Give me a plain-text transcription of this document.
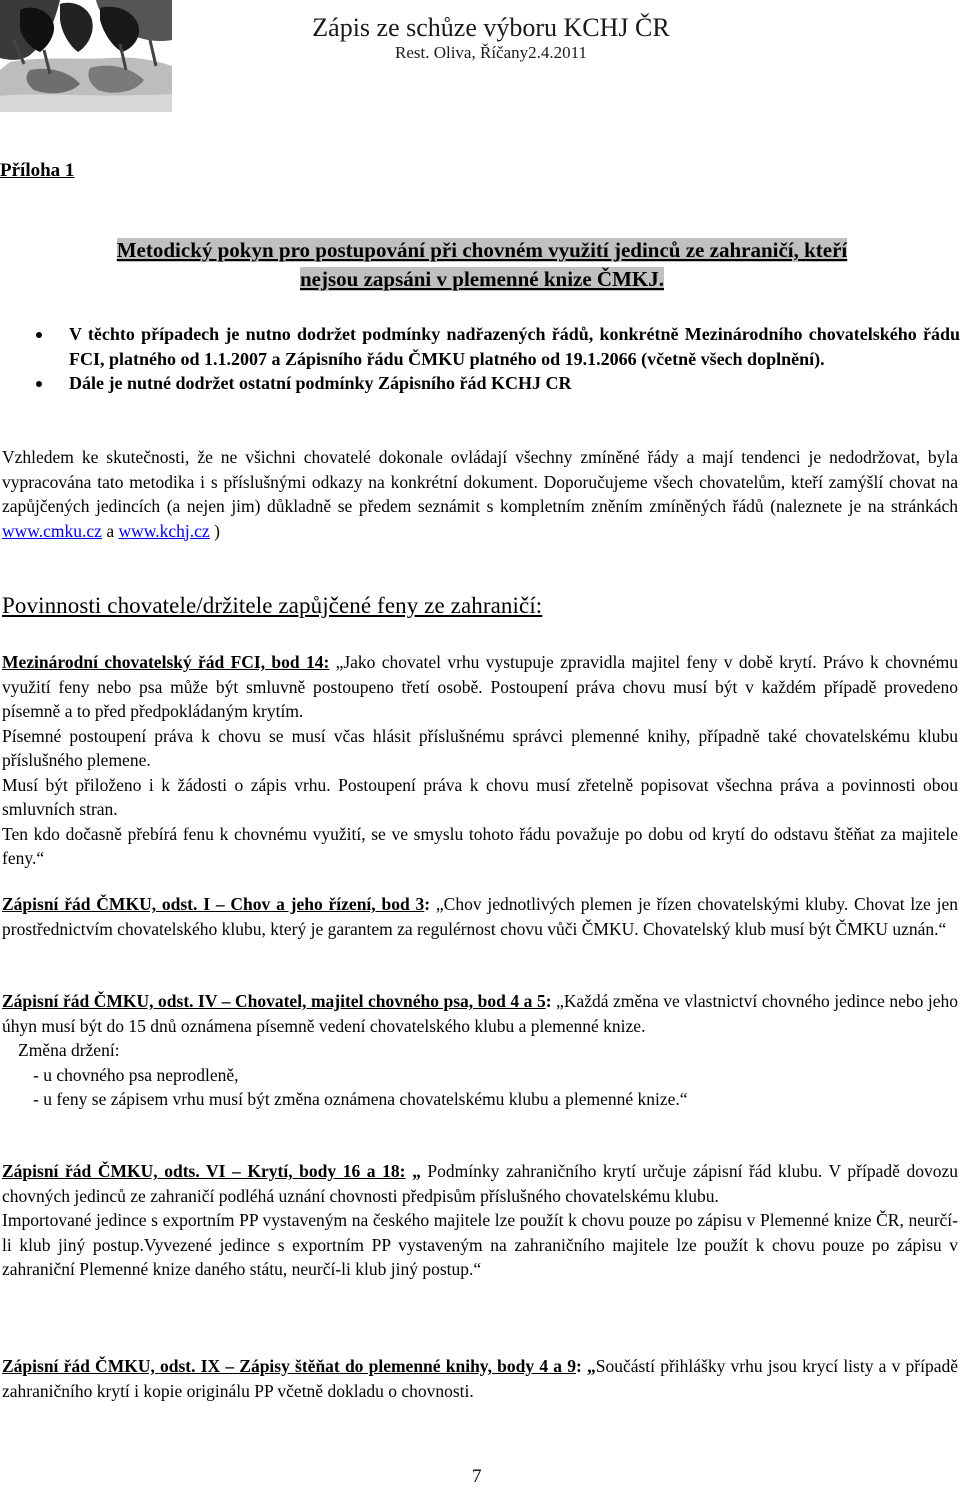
Zápis ze schůze výboru KCHJ ČR
Rest. Oliva, Říčany2.4.2011
Příloha 1
Metodický pokyn pro postupování při chovném využití jedinců ze zahraničí, kteří
nejsou zapsáni v plemenné knize ČMKJ.
V těchto případech je nutno dodržet podmínky nadřazených řádů, konkrétně Mezinárodního chovatelského řádu FCI, platného od 1.1.2007 a Zápisního řádu ČMKU platného od 19.1.2066 (včetně všech doplnění).
Dále je nutné dodržet ostatní podmínky Zápisního řád KCHJ CR

Vzhledem ke skutečnosti, že ne všichni chovatelé dokonale ovládají všechny zmíněné řády a mají tendenci je nedodržovat, byla vypracována tato metodika i s příslušnými odkazy na konkrétní dokument. Doporučujeme všech chovatelům, kteří zamýšlí chovat na zapůjčených jedincích (a nejen jim) důkladně se předem seznámit s kompletním zněním zmíněných řádů (naleznete je na stránkách www.cmku.cz a www.kchj.cz )

Povinnosti chovatele/držitele zapůjčené feny ze zahraničí:

Mezinárodní chovatelský řád FCI, bod 14: „Jako chovatel vrhu vystupuje zpravidla majitel feny v době krytí. Právo k chovnému využití feny nebo psa může být smluvně postoupeno třetí osobě. Postoupení práva chovu musí být v každém případě provedeno písemně a to před předpokládaným krytím.

Písemné postoupení práva k chovu se musí včas hlásit příslušnému správci plemenné knihy, případně také chovatelskému klubu příslušného plemene.

Musí být přiloženo i k žádosti o zápis vrhu. Postoupení práva k chovu musí zřetelně popisovat všechna práva a povinnosti obou smluvních stran.

Ten kdo dočasně přebírá fenu k chovnému využití, se ve smyslu tohoto řádu považuje po dobu od krytí do odstavu štěňat za majitele feny.“

Zápisní řád ČMKU, odst. I – Chov a jeho řízení, bod 3: „Chov jednotlivých plemen je řízen chovatelskými kluby. Chovat lze jen prostřednictvím chovatelského klubu, který je garantem za regulérnost chovu vůči ČMKU. Chovatelský klub musí být ČMKU uznán.“

Zápisní řád ČMKU, odst. IV – Chovatel, majitel chovného psa, bod 4 a 5: „Každá změna ve vlastnictví chovného jedince nebo jeho úhyn musí být do 15 dnů oznámena písemně vedení chovatelského klubu a plemenné knize.

Změna držení:

- u chovného psa neprodleně,

- u feny se zápisem vrhu musí být změna oznámena chovatelskému klubu a plemenné knize.“

Zápisní řád ČMKU, odts. VI – Krytí, body 16 a 18: „ Podmínky zahraničního krytí určuje zápisní řád klubu. V případě dovozu chovných jedinců ze zahraničí podléhá uznání chovnosti předpisům příslušného chovatelskému klubu.

Importované jedince s exportním PP vystaveným na českého majitele lze použít k chovu pouze po zápisu v Plemenné knize ČR, neurčí-li klub jiný postup.Vyvezené jedince s exportním PP vystaveným na zahraničního majitele lze použít k chovu pouze po zápisu v zahraniční Plemenné knize daného státu, neurčí-li klub jiný postup.“

Zápisní řád ČMKU, odst. IX – Zápisy štěňat do plemenné knihy, body 4 a 9: „Součástí přihlášky vrhu jsou krycí listy a v případě zahraničního krytí i kopie originálu PP včetně dokladu o chovnosti.

7
